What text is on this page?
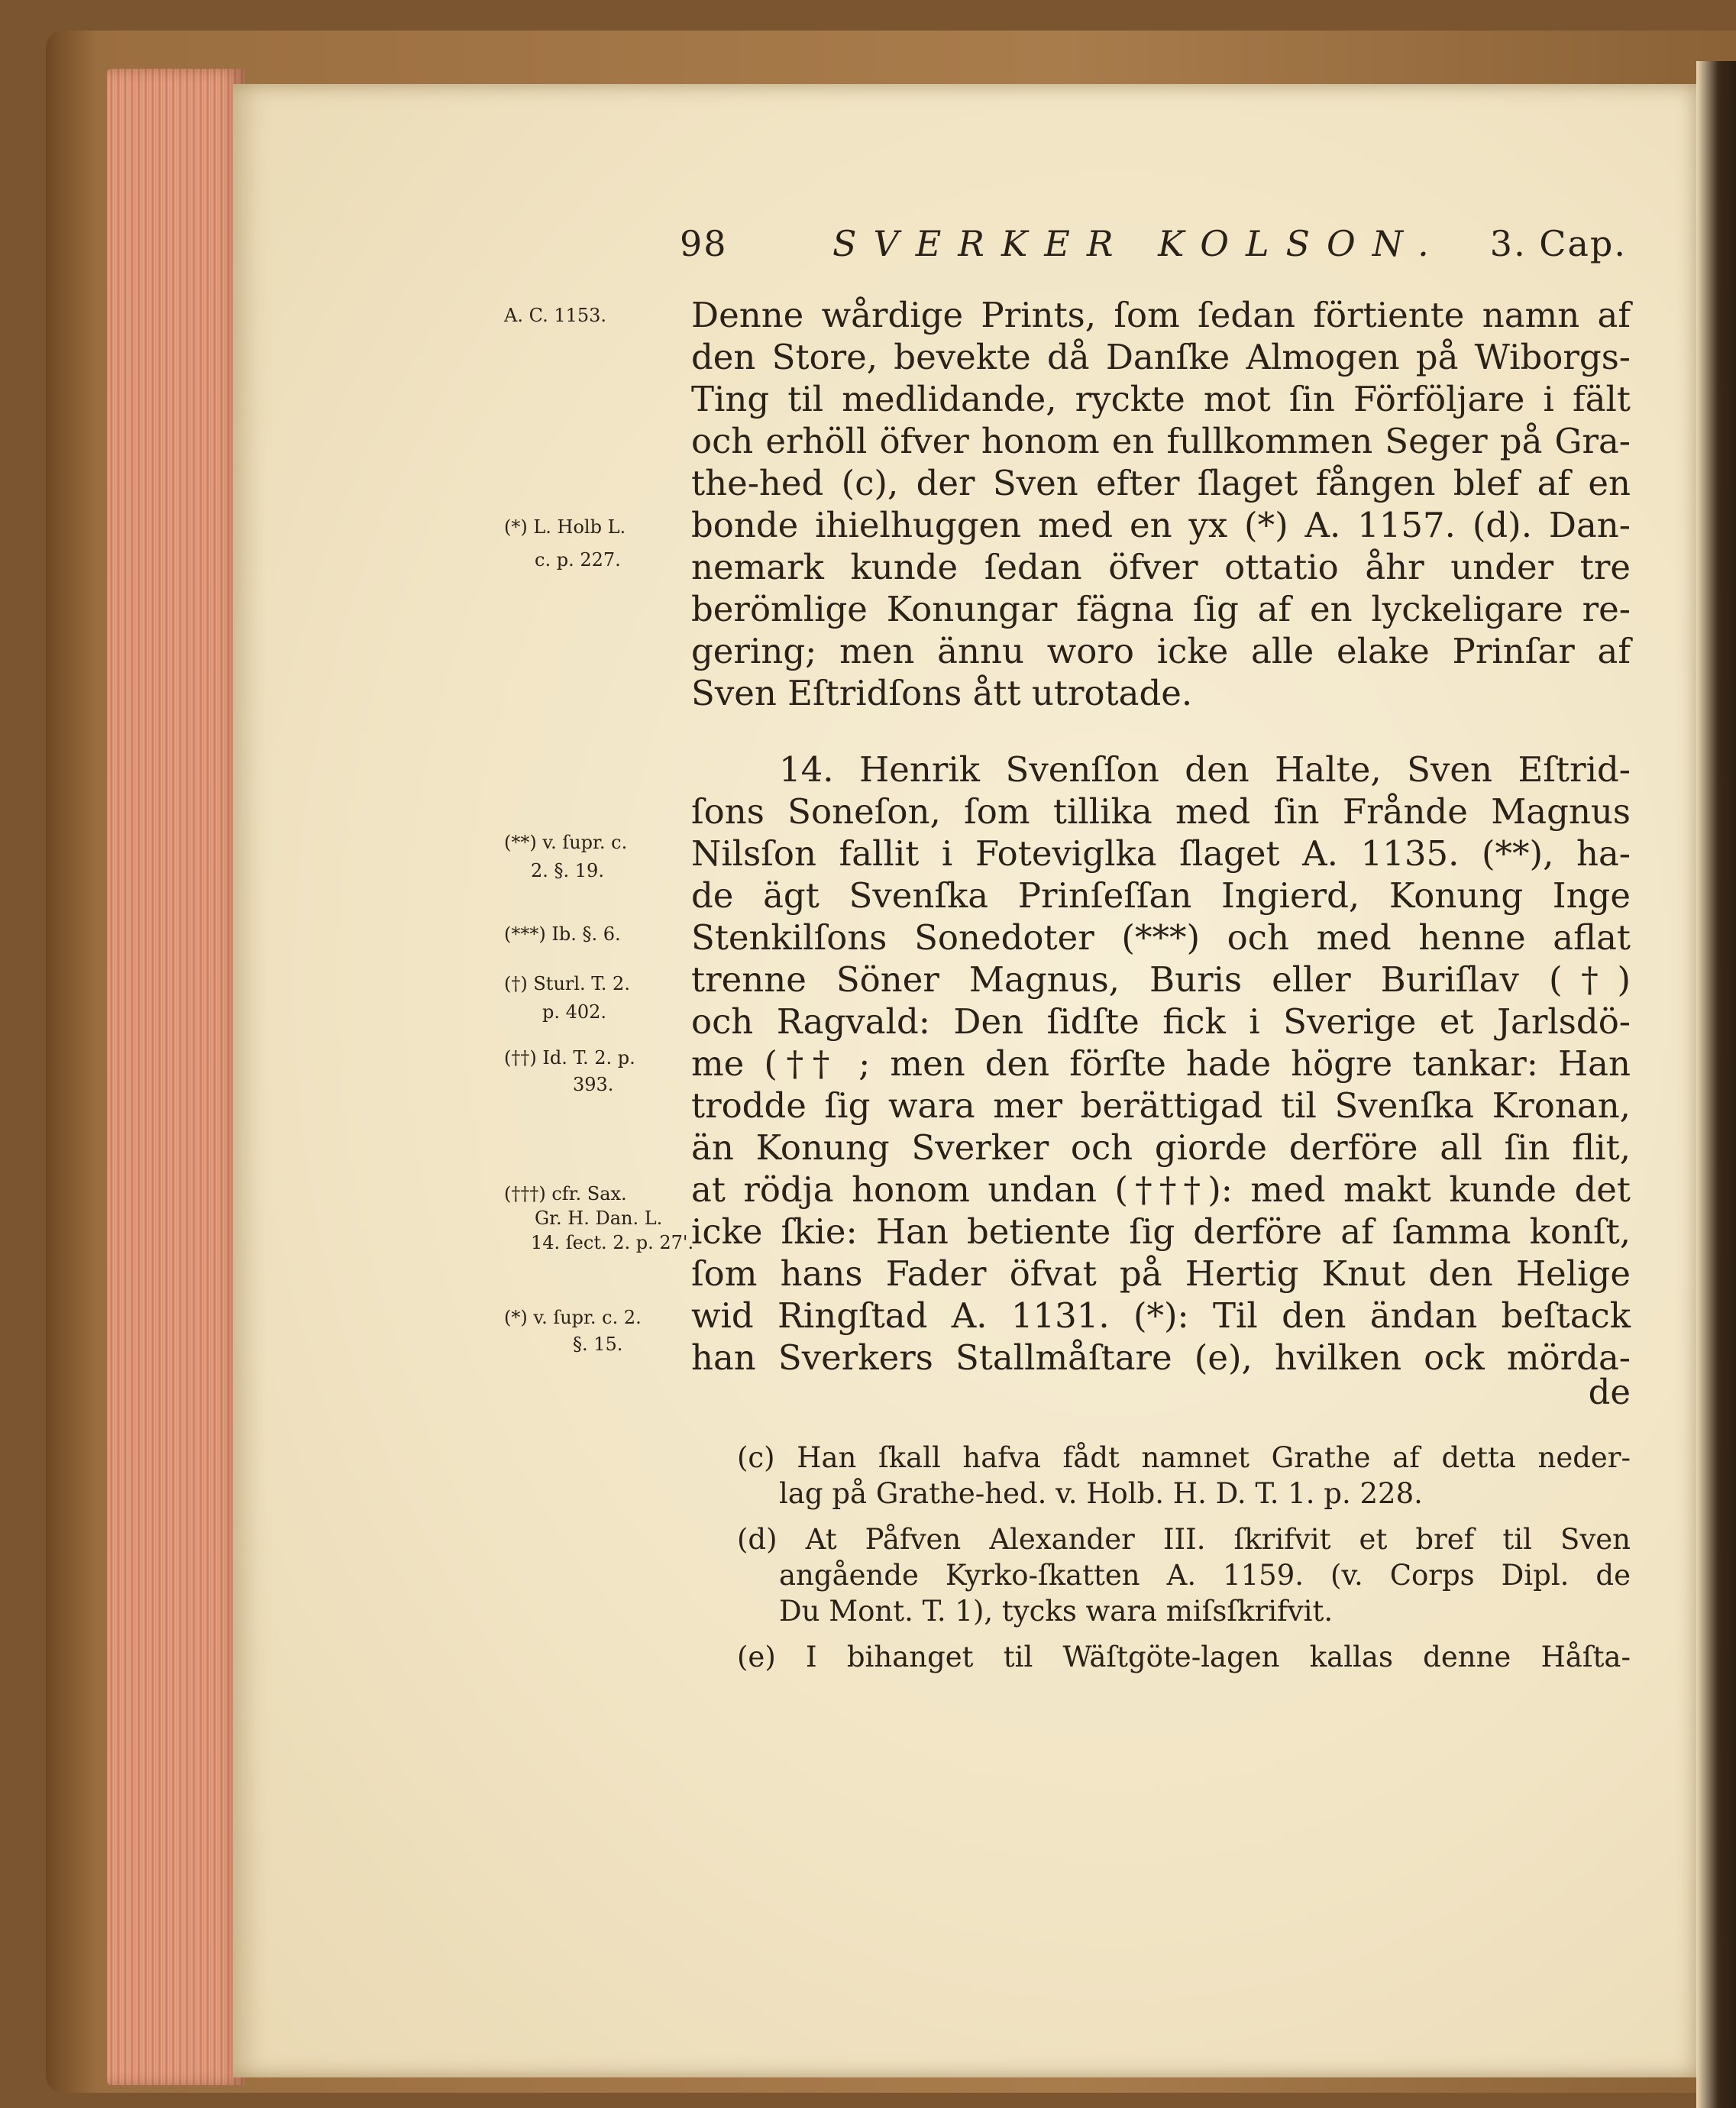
98	SVERKER KOLSON. 3. Cap.
Denne wårdige Prints, ſom ſedan förtiente namn af
den Store, bevekte då Danſke Almogen på Wiborgs-
Ting til medlidande, ryckte mot ſin Förföljare i fält
och erhöll öfver honom en fullkommen Seger på Gra-
the-hed (c), der Sven efter ſlaget fången blef af en
bonde ihielhuggen med en yx (*) A. 1157. (d). Dan-
nemark kunde ſedan öfver ottatio åhr under tre
berömlige Konungar fägna ſig af en lyckeligare re-
gering; men ännu woro icke alle elake Prinſar af
Sven Eſtridſons ått utrotade.
14. Henrik Svenſſon den Halte, Sven Eſtrid-
ſons Soneſon, ſom tillika med ſin Frånde Magnus
Nilsſon fallit i Foteviglka ſlaget A. 1135. (**), ha-
de ägt Svenſka Prinſeſſan Ingierd, Konung Inge
Stenkilſons Sonedoter (***) och med henne aflat
trenne Söner Magnus, Buris eller Buriſlav (†)
och Ragvald: Den ſidſte fick i Sverige et Jarlsdö-
me (†† ; men den förſte hade högre tankar: Han
trodde ſig wara mer berättigad til Svenſka Kronan,
än Konung Sverker och giorde derföre all ſin flit,
at rödja honom undan (†††): med makt kunde det
icke ſkie: Han betiente ſig derföre af ſamma konſt,
ſom hans Fader öfvat på Hertig Knut den Helige
wid Ringſtad A. 1131. (*): Til den ändan beſtack
han Sverkers Stallmåſtare (e), hvilken ock mörda-
de
A. C. 1153.
(*) L. Holb L.
c. p. 227.
(**) v. ſupr. c.
2. §. 19.
(***) Ib. §. 6.
(†) Sturl. T. 2.
p. 402.
(††) Id. T. 2. p.
393.
(†††) cfr. Sax.
Gr. H. Dan. L.
14. ſect. 2. p. 27'.
(*) v. ſupr. c. 2.
§. 15.
(c) Han ſkall hafva fådt namnet Grathe af detta neder-
lag på Grathe-hed. v. Holb. H. D. T. 1. p. 228.
(d) At Påfven Alexander III. ſkrifvit et bref til Sven
angående Kyrko-ſkatten A. 1159. (v. Corps Dipl. de
Du Mont. T. 1), tycks wara miſsſkrifvit.
(e) I bihanget til Wäſtgöte-lagen kallas denne Håſta-
